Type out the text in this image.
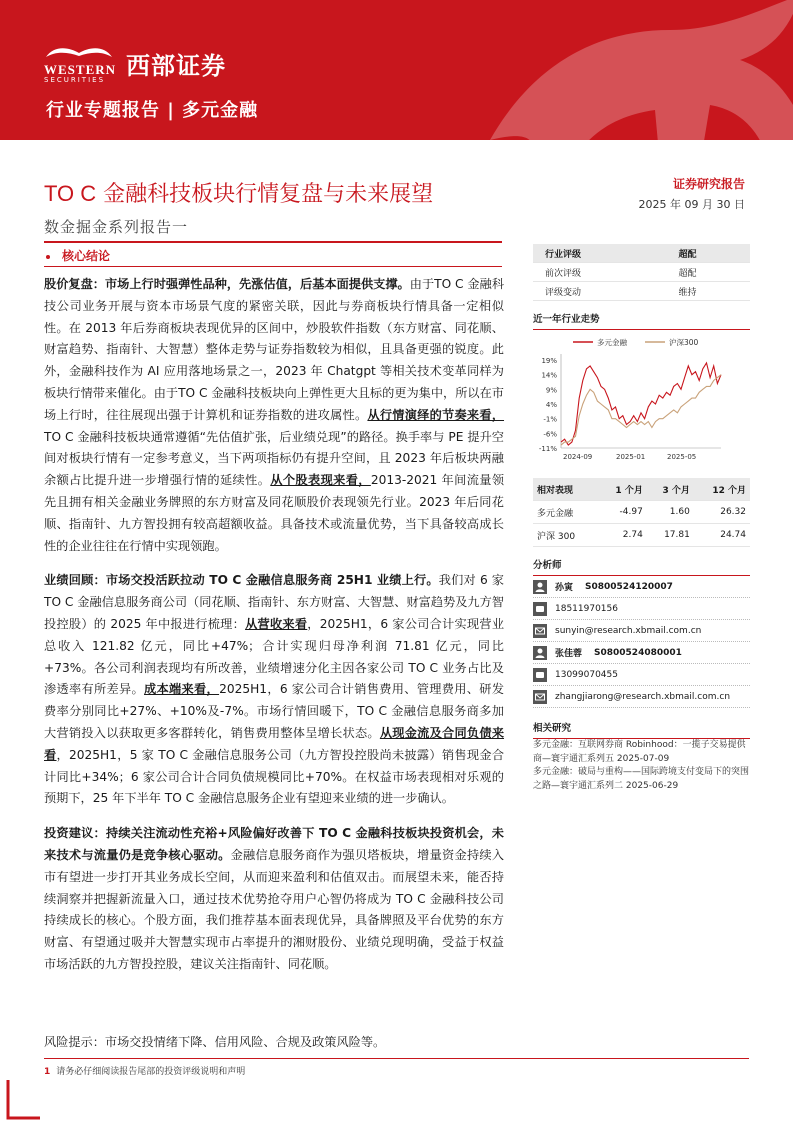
WESTERN
SECURITIES 西部证券
行业专题报告 | 多元金融
TO C 金融科技板块行情复盘与未来展望
数金掘金系列报告一
证券研究报告
2025 年 09 月 30 日
核心结论

股价复盘：市场上行时强弹性品种，先涨估值，后基本面提供支撑。由于TO C 金融科技公司业务开展与资本市场景气度的紧密关联，因此与券商板块行情具备一定相似性。在 2013 年后券商板块表现优异的区间中，炒股软件指数（东方财富、同花顺、财富趋势、指南针、大智慧）整体走势与证券指数较为相似，且具备更强的锐度。此外，金融科技作为 AI 应用落地场景之一，2023 年 Chatgpt 等相关技术变革同样为板块行情带来催化。由于TO C 金融科技板块向上弹性更大且标的更为集中，所以在市场上行时，往往展现出强于计算机和证券指数的进攻属性。从行情演绎的节奏来看，TO C 金融科技板块通常遵循“先估值扩张，后业绩兑现”的路径。换手率与 PE 提升空间对板块行情有一定参考意义，当下两项指标仍有提升空间，且 2023 年后板块两融余额占比提升进一步增强行情的延续性。从个股表现来看，2013-2021 年间流量领先且拥有相关金融业务牌照的东方财富及同花顺股价表现领先行业。2023 年后同花顺、指南针、九方智投拥有较高超额收益。具备技术或流量优势，当下具备较高成长性的企业往往在行情中实现领跑。

业绩回顾：市场交投活跃拉动 TO C 金融信息服务商 25H1 业绩上行。我们对 6 家 TO C 金融信息服务商公司（同花顺、指南针、东方财富、大智慧、财富趋势及九方智投控股）的 2025 年中报进行梳理：从营收来看，2025H1，6 家公司合计实现营业总收入 121.82 亿元，同比+47%；合计实现归母净利润 71.81 亿元，同比+73%。各公司利润表现均有所改善，业绩增速分化主因各家公司 TO C 业务占比及渗透率有所差异。成本端来看，2025H1，6 家公司合计销售费用、管理费用、研发费率分别同比+27%、+10%及-7%。市场行情回暖下，TO C 金融信息服务商多加大营销投入以获取更多客群转化，销售费用整体呈增长状态。从现金流及合同负债来看，2025H1，5 家 TO C 金融信息服务公司（九方智投控股尚未披露）销售现金合计同比+34%；6 家公司合计合同负债规模同比+70%。在权益市场表现相对乐观的预期下，25 年下半年 TO C 金融信息服务企业有望迎来业绩的进一步确认。

投资建议：持续关注流动性充裕+风险偏好改善下 TO C 金融科技板块投资机会，未来技术与流量仍是竞争核心驱动。金融信息服务商作为强贝塔板块，增量资金持续入市有望进一步打开其业务成长空间，从而迎来盈利和估值双击。而展望未来，能否持续洞察并把握新流量入口，通过技术优势抢夺用户心智仍将成为 TO C 金融科技公司持续成长的核心。个股方面，我们推荐基本面表现优异，具备牌照及平台优势的东方财富、有望通过吸并大智慧实现市占率提升的湘财股份、业绩兑现明确，受益于权益市场活跃的九方智投控股，建议关注指南针、同花顺。

风险提示：市场交投情绪下降、信用风险、合规及政策风险等。
1 请务必仔细阅读报告尾部的投资评级说明和声明
行业评级	超配
前次评级	超配
评级变动	维持
近一年行业走势
多元金融	沪深300
19%
14%
9%
4%
-1%
-6%
-11%
2024-09	2025-01	2025-05
相对表现	1 个月	3 个月	12 个月
多元金融	-4.97	1.60	26.32
沪深 300	2.74	17.81	24.74
分析师
孙寅 S0800524120007
18511970156
sunyin@research.xbmail.com.cn
张佳蓉 S0800524080001
13099070455
zhangjiarong@research.xbmail.com.cn
相关研究
多元金融：互联网券商 Robinhood：一揽子交易提供商—寰宇通汇系列五 2025-07-09
多元金融：破局与重构——国际跨境支付变局下的突围之路—寰宇通汇系列二 2025-06-29
